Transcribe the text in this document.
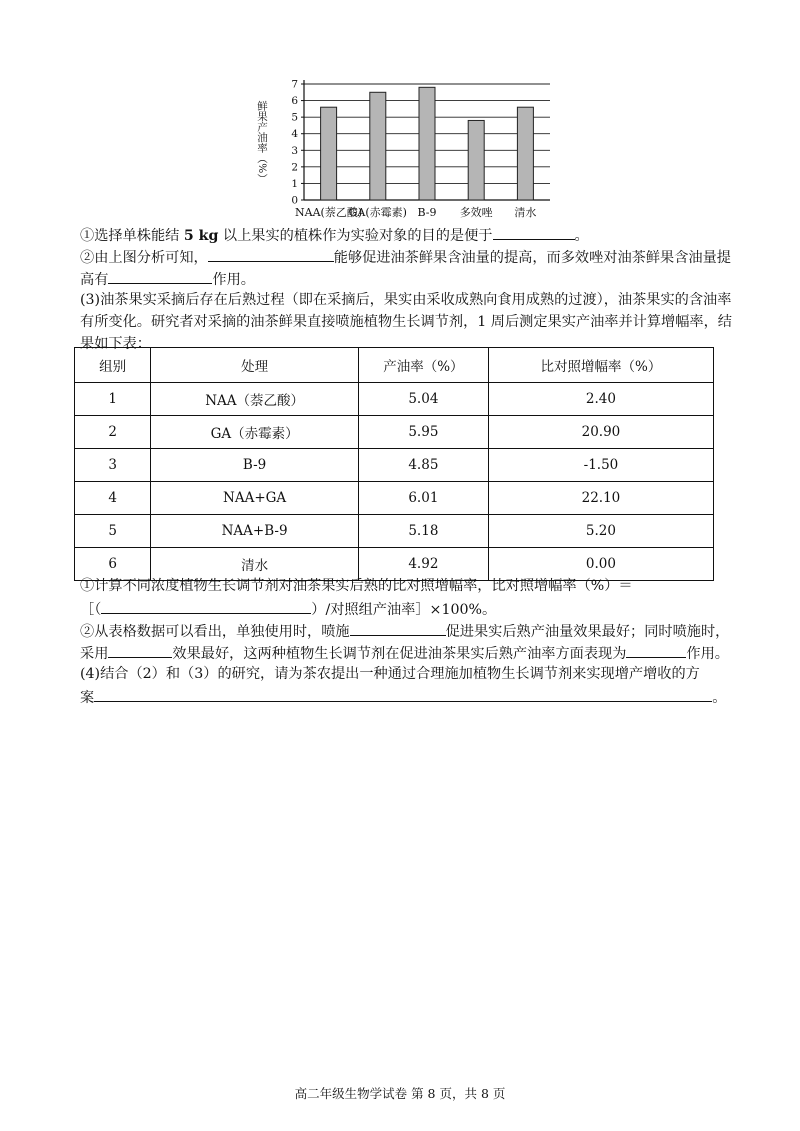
0
1
2
3
4
5
6
7
NAA(萘乙酸)
GA(赤霉素) B-9 多效唑 清水
鲜果产油率（%）
①选择单株能结 5 kg 以上果实的植株作为实验对象的目的是便于	。
②由上图分析可知，	能够促进油茶鲜果含油量的提高，而多效唑对油茶鲜果含油量提
高有	作用。
(3)油茶果实采摘后存在后熟过程（即在采摘后，果实由采收成熟向食用成熟的过渡），油茶果实的含油率
有所变化。研究者对采摘的油茶鲜果直接喷施植物生长调节剂，1 周后测定果实产油率并计算增幅率，结
果如下表：
组别	处理	产油率（%）	比对照增幅率（%）
1	NAA（萘乙酸）	5.04	2.40
2	GA（赤霉素）	5.95	20.90
3	B-9	4.85	-1.50
4	NAA+GA	6.01	22.10
5	NAA+B-9	5.18	5.20
6	清水	4.92	0.00
①计算不同浓度植物生长调节剂对油茶果实后熟的比对照增幅率，比对照增幅率（%）＝
［（	）/对照组产油率］×100%。
②从表格数据可以看出，单独使用时，喷施	促进果实后熟产油量效果最好；同时喷施时，
采用	效果最好，这两种植物生长调节剂在促进油茶果实后熟产油率方面表现为	作用。
(4)结合（2）和（3）的研究，请为茶农提出一种通过合理施加植物生长调节剂来实现增产增收的方
案	。
高二年级生物学试卷 第 8 页，共 8 页
